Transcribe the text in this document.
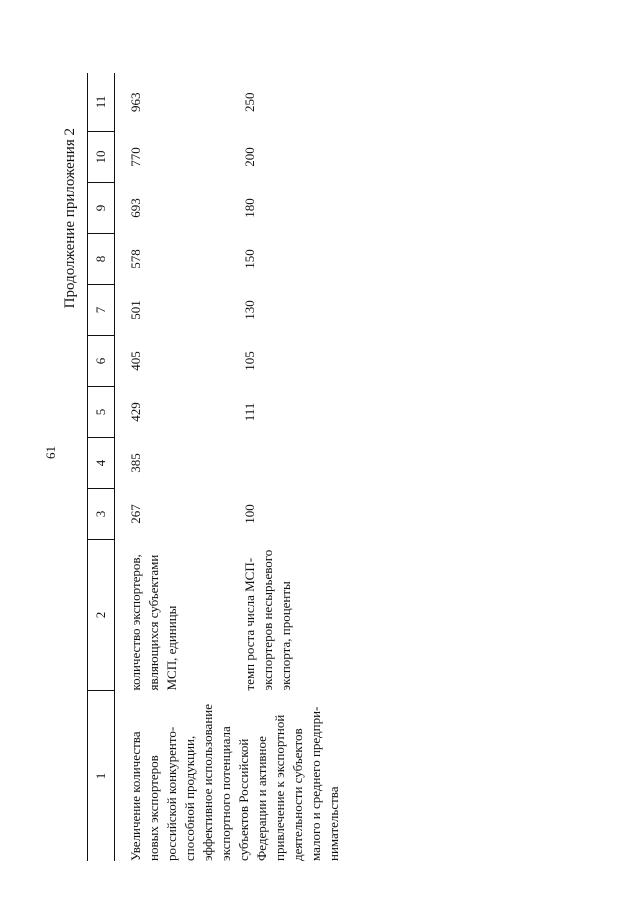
61
Продолжение приложения 2
1	2	3	4	5	6	7	8	9	10	11

Увеличение количества новых экспортеров российской конкуренто-способной продукции, эффективное использование экспортного потенциала субъектов Российской Федерации и активное привлечение к экспортной деятельности субъектов малого и среднего предпри-нимательства	количество экспортеров, являющихся субъектами МСП, единицы	267	385	429	405	501	578	693	770	963

	темп роста числа МСП-экспортеров несырьевого экспорта, проценты	100		111	105	130	150	180	200	250
